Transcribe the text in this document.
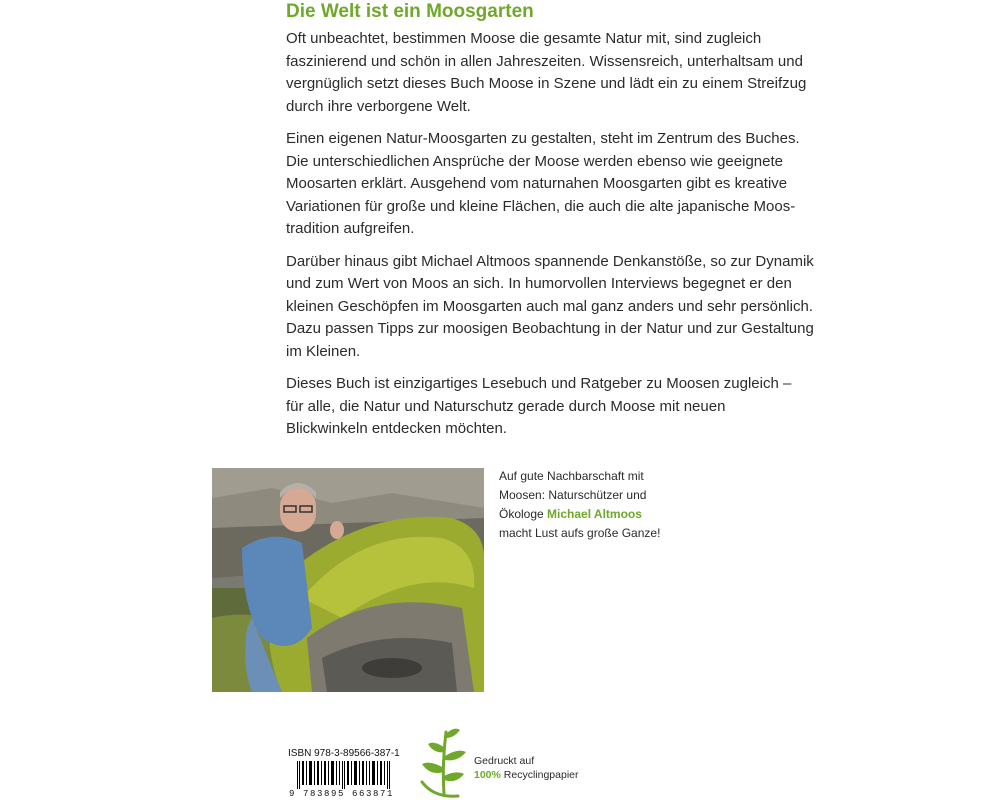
Die Welt ist ein Moosgarten

Oft unbeachtet, bestimmen Moose die gesamte Natur mit, sind zugleich
faszinierend und schön in allen Jahreszeiten. Wissensreich, unterhaltsam und
vergnüglich setzt dieses Buch Moose in Szene und lädt ein zu einem Streifzug
durch ihre verborgene Welt.

Einen eigenen Natur-Moosgarten zu gestalten, steht im Zentrum des Buches.
Die unterschiedlichen Ansprüche der Moose werden ebenso wie geeignete
Moosarten erklärt. Ausgehend vom naturnahen Moosgarten gibt es kreative
Variationen für große und kleine Flächen, die auch die alte japanische Moos-
tradition aufgreifen.

Darüber hinaus gibt Michael Altmoos spannende Denkanstöße, so zur Dynamik
und zum Wert von Moos an sich. In humorvollen Interviews begegnet er den
kleinen Geschöpfen im Moosgarten auch mal ganz anders und sehr persönlich.
Dazu passen Tipps zur moosigen Beobachtung in der Natur und zur Gestaltung
im Kleinen.

Dieses Buch ist einzigartiges Lesebuch und Ratgeber zu Moosen zugleich –
für alle, die Natur und Naturschutz gerade durch Moose mit neuen
Blickwinkeln entdecken möchten.

Auf gute Nachbarschaft mit
Moosen: Naturschützer und
Ökologe Michael Altmoos
macht Lust aufs große Ganze!
ISBN 978-3-89566-387-1
9 783895 663871
Gedruckt auf
100% Recyclingpapier
